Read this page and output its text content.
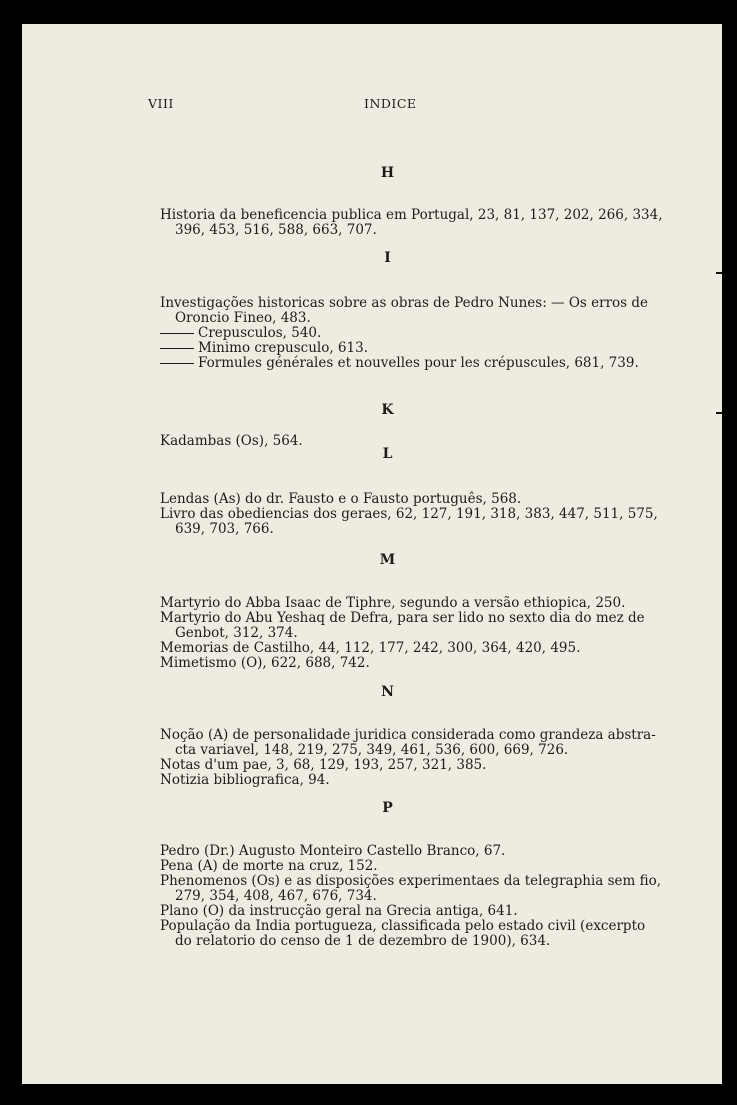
VIII	INDICE
H
Historia da beneficencia publica em Portugal, 23, 81, 137, 202, 266, 334,
396, 453, 516, 588, 663, 707.
I
Investigações historicas sobre as obras de Pedro Nunes: — Os erros de
Oroncio Fineo, 483.
Crepusculos, 540.
Minimo crepusculo, 613.
Formules générales et nouvelles pour les crépuscules, 681, 739.
K
Kadambas (Os), 564.
L
Lendas (As) do dr. Fausto e o Fausto português, 568.
Livro das obediencias dos geraes, 62, 127, 191, 318, 383, 447, 511, 575,
639, 703, 766.
M
Martyrio do Abba Isaac de Tiphre, segundo a versão ethiopica, 250.
Martyrio do Abu Yeshaq de Defra, para ser lido no sexto dia do mez de
Genbot, 312, 374.
Memorias de Castilho, 44, 112, 177, 242, 300, 364, 420, 495.
Mimetismo (O), 622, 688, 742.
N
Noção (A) de personalidade juridica considerada como grandeza abstra-
cta variavel, 148, 219, 275, 349, 461, 536, 600, 669, 726.
Notas d'um pae, 3, 68, 129, 193, 257, 321, 385.
Notizia bibliografica, 94.
P
Pedro (Dr.) Augusto Monteiro Castello Branco, 67.
Pena (A) de morte na cruz, 152.
Phenomenos (Os) e as disposições experimentaes da telegraphia sem fio,
279, 354, 408, 467, 676, 734.
Plano (O) da instrucção geral na Grecia antiga, 641.
População da India portugueza, classificada pelo estado civil (excerpto
do relatorio do censo de 1 de dezembro de 1900), 634.
